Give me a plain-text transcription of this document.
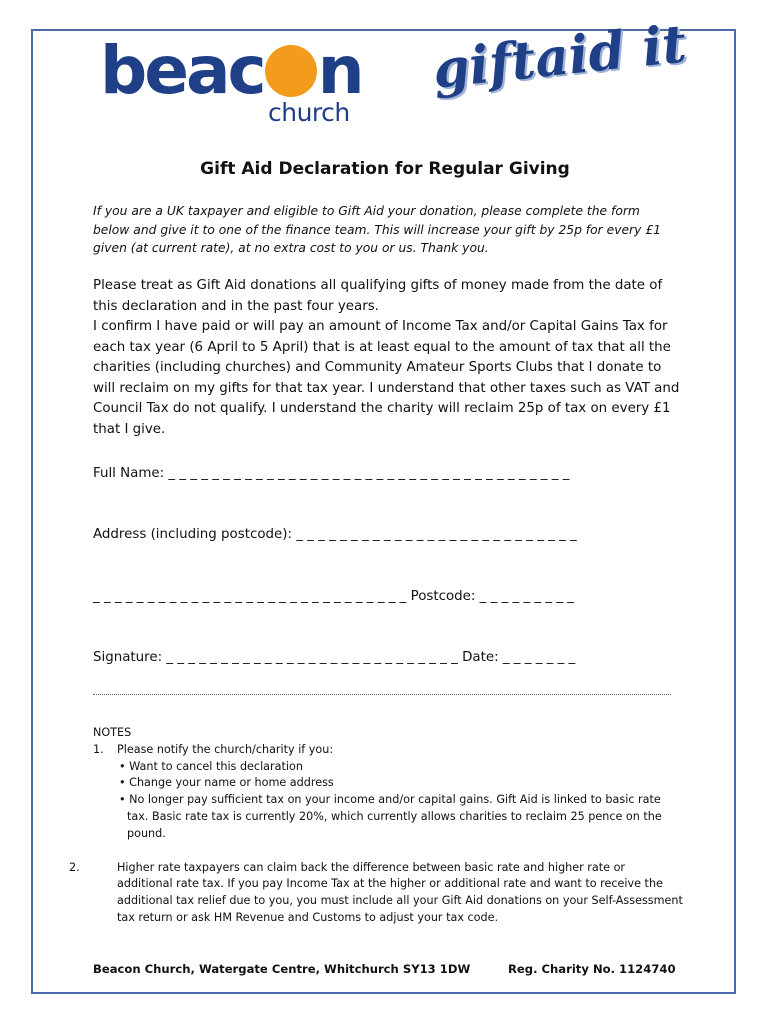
beac n
church
giftaid it
Gift Aid Declaration for Regular Giving
If you are a UK taxpayer and eligible to Gift Aid your donation, please complete the form below and give it to one of the finance team. This will increase your gift by 25p for every £1 given (at current rate), at no extra cost to you or us. Thank you.
Please treat as Gift Aid donations all qualifying gifts of money made from the date of this declaration and in the past four years.
I confirm I have paid or will pay an amount of Income Tax and/or Capital Gains Tax for each tax year (6 April to 5 April) that is at least equal to the amount of tax that all the charities (including churches) and Community Amateur Sports Clubs that I donate to will reclaim on my gifts for that tax year. I understand that other taxes such as VAT and Council Tax do not qualify. I understand the charity will reclaim 25p of tax on every £1 that I give.
Full Name: _ _ _ _ _ _ _ _ _ _ _ _ _ _ _ _ _ _ _ _ _ _ _ _ _ _ _ _ _ _ _ _ _ _ _ _ _
Address (including postcode): _ _ _ _ _ _ _ _ _ _ _ _ _ _ _ _ _ _ _ _ _ _ _ _ _ _
_ _ _ _ _ _ _ _ _ _ _ _ _ _ _ _ _ _ _ _ _ _ _ _ _ _ _ _ _ Postcode: _ _ _ _ _ _ _ _ _
Signature: _ _ _ _ _ _ _ _ _ _ _ _ _ _ _ _ _ _ _ _ _ _ _ _ _ _ _ Date: _ _ _ _ _ _ _
NOTES
1. Please notify the church/charity if you:
• Want to cancel this declaration
• Change your name or home address
• No longer pay sufficient tax on your income and/or capital gains. Gift Aid is linked to basic rate tax. Basic rate tax is currently 20%, which currently allows charities to reclaim 25 pence on the pound.
2.	Higher rate taxpayers can claim back the difference between basic rate and higher rate or additional rate tax. If you pay Income Tax at the higher or additional rate and want to receive the additional tax relief due to you, you must include all your Gift Aid donations on your Self-Assessment tax return or ask HM Revenue and Customs to adjust your tax code.
Beacon Church, Watergate Centre, Whitchurch SY13 1DW	Reg. Charity No. 1124740
